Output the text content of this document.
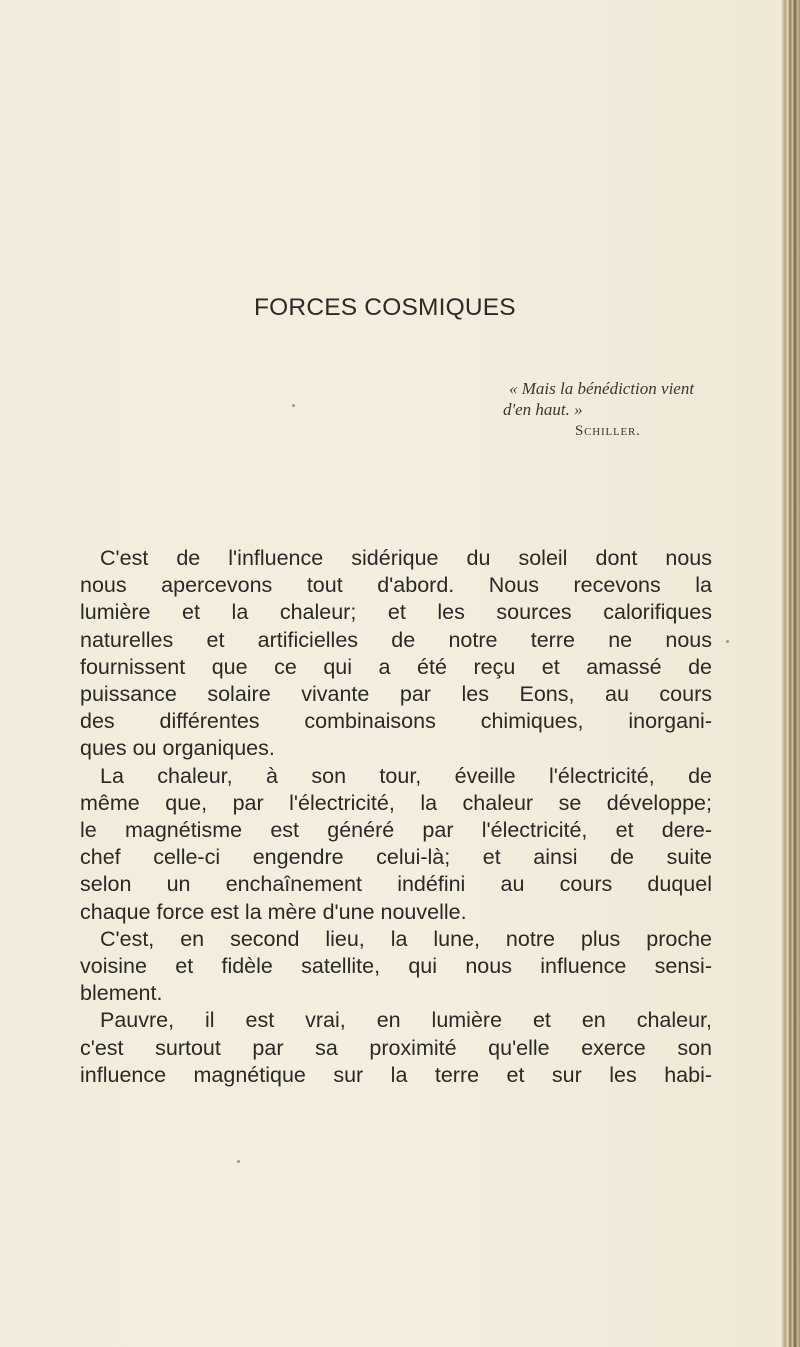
FORCES COSMIQUES
« Mais la bénédiction vient
d'en haut. »
Schiller.
C'est de l'influence sidérique du soleil dont nous
nous apercevons tout d'abord. Nous recevons la
lumière et la chaleur; et les sources calorifiques
naturelles et artificielles de notre terre ne nous
fournissent que ce qui a été reçu et amassé de
puissance solaire vivante par les Eons, au cours
des différentes combinaisons chimiques, inorgani-
ques ou organiques.
La chaleur, à son tour, éveille l'électricité, de
même que, par l'électricité, la chaleur se développe;
le magnétisme est généré par l'électricité, et dere-
chef celle-ci engendre celui-là; et ainsi de suite
selon un enchaînement indéfini au cours duquel
chaque force est la mère d'une nouvelle.
C'est, en second lieu, la lune, notre plus proche
voisine et fidèle satellite, qui nous influence sensi-
blement.
Pauvre, il est vrai, en lumière et en chaleur,
c'est surtout par sa proximité qu'elle exerce son
influence magnétique sur la terre et sur les habi-
